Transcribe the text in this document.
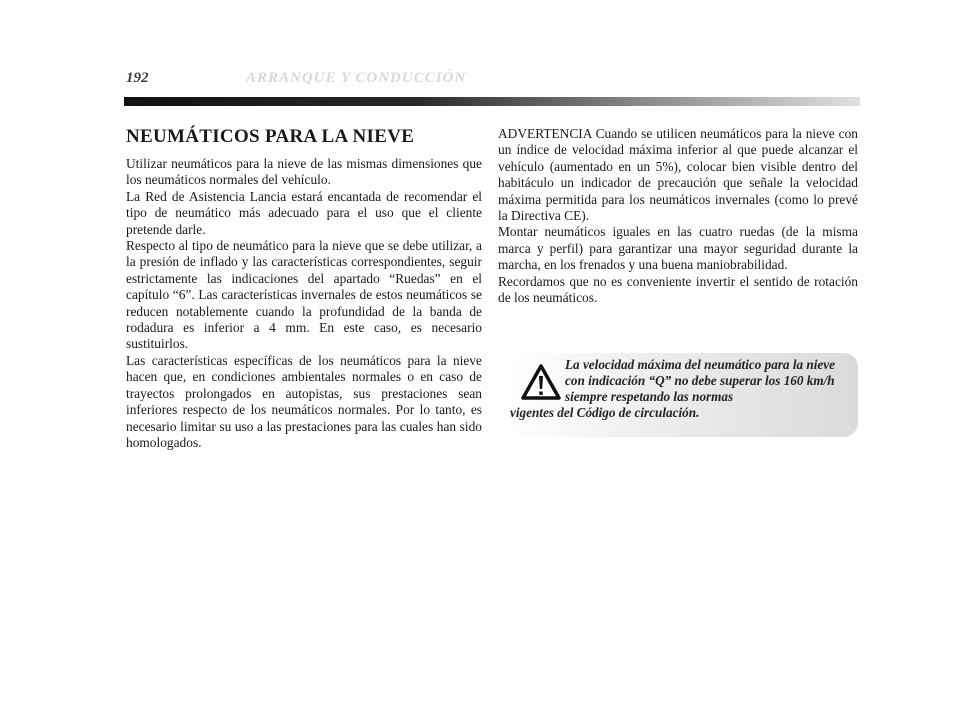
192	ARRANQUE Y CONDUCCIÓN
NEUMÁTICOS PARA LA NIEVE

Utilizar neumáticos para la nieve de las mismas dimensiones que los neumáticos normales del vehículo.

La Red de Asistencia Lancia estará encantada de recomendar el tipo de neumático más adecuado para el uso que el cliente pretende darle.

Respecto al tipo de neumático para la nieve que se debe utilizar, a la presión de inflado y las características correspondientes, seguir estrictamente las indicaciones del apartado “Ruedas” en el capítulo “6”. Las características invernales de estos neumáticos se reducen notablemente cuando la profundidad de la banda de rodadura es inferior a 4 mm. En este caso, es necesario sustituirlos.

Las características específicas de los neumáticos para la nieve hacen que, en condiciones ambientales normales o en caso de trayectos prolongados en autopistas, sus prestaciones sean inferiores respecto de los neumáticos normales. Por lo tanto, es necesario limitar su uso a las prestaciones para las cuales han sido homologados.

ADVERTENCIA Cuando se utilicen neumáticos para la nieve con un índice de velocidad máxima inferior al que puede alcanzar el vehículo (aumentado en un 5%), colocar bien visible dentro del habitáculo un indicador de precaución que señale la velocidad máxima permitida para los neumáticos invernales (como lo prevé la Directiva CE).

Montar neumáticos iguales en las cuatro ruedas (de la misma marca y perfil) para garantizar una mayor seguridad durante la marcha, en los frenados y una buena maniobrabilidad.

Recordamos que no es conveniente invertir el sentido de rotación de los neumáticos.

La velocidad máxima del neumático para la nieve con indicación “Q” no debe superar los 160 km/h siempre respetando las normas
vigentes del Código de circulación.
